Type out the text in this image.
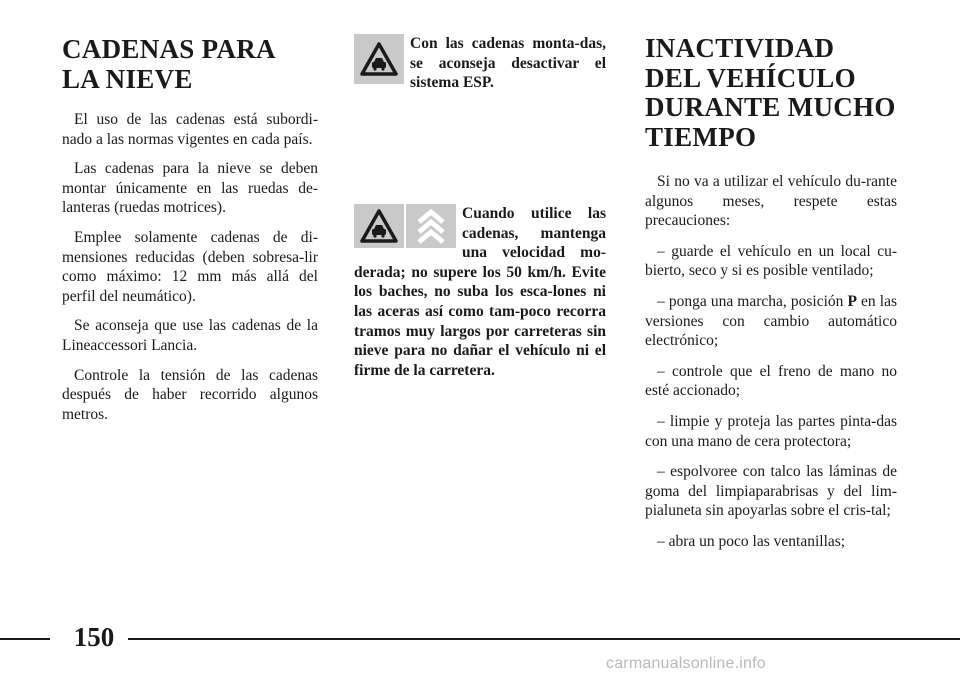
CADENAS PARA
LA NIEVE

El uso de las cadenas está subordi-nado a las normas vigentes en cada país.

Las cadenas para la nieve se deben montar únicamente en las ruedas de-lanteras (ruedas motrices).

Emplee solamente cadenas de di-mensiones reducidas (deben sobresa-lir como máximo: 12 mm más allá del perfil del neumático).

Se aconseja que use las cadenas de la Lineaccessori Lancia.

Controle la tensión de las cadenas después de haber recorrido algunos metros.

Con las cadenas monta-das, se aconseja desactivar el sistema ESP.
Cuando utilice las cadenas, mantenga una velocidad mo-derada; no supere los 50 km/h. Evite los baches, no suba los esca-lones ni las aceras así como tam-poco recorra tramos muy largos por carreteras sin nieve para no dañar el vehículo ni el firme de la carretera.
INACTIVIDAD
DEL VEHÍCULO
DURANTE MUCHO
TIEMPO

Si no va a utilizar el vehículo du-rante algunos meses, respete estas precauciones:

– guarde el vehículo en un local cu-bierto, seco y si es posible ventilado;

– ponga una marcha, posición P en las versiones con cambio automático electrónico;

– controle que el freno de mano no esté accionado;

– limpie y proteja las partes pinta-das con una mano de cera protectora;

– espolvoree con talco las láminas de goma del limpiaparabrisas y del lim-pialuneta sin apoyarlas sobre el cris-tal;

– abra un poco las ventanillas;

150
carmanualsonline.info
